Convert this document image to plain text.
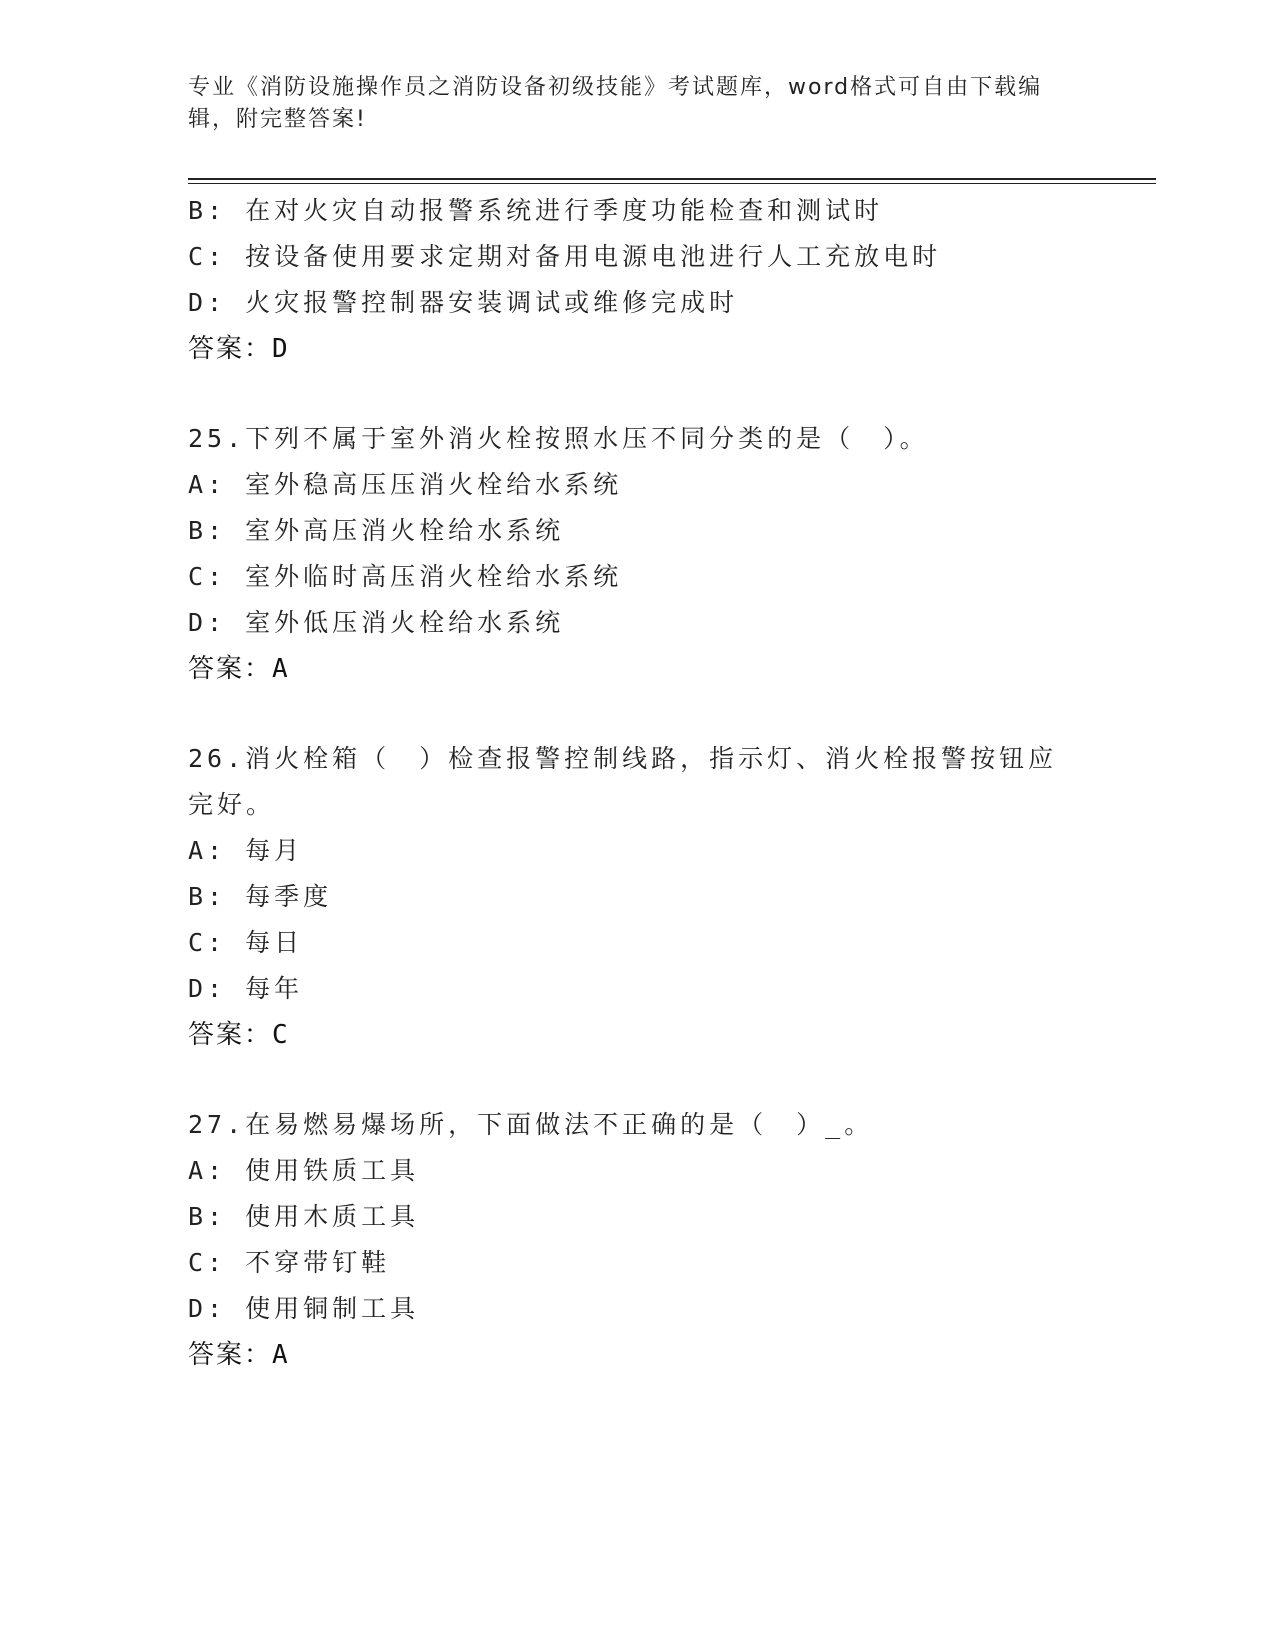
专业《消防设施操作员之消防设备初级技能》考试题库，word格式可自由下载编辑，附完整答案!
B: 在对火灾自动报警系统进行季度功能检查和测试时
C: 按设备使用要求定期对备用电源电池进行人工充放电时
D: 火灾报警控制器安装调试或维修完成时
答案：D
25.下列不属于室外消火栓按照水压不同分类的是（　）。
A: 室外稳高压压消火栓给水系统
B: 室外高压消火栓给水系统
C: 室外临时高压消火栓给水系统
D: 室外低压消火栓给水系统
答案：A
26.消火栓箱（　）检查报警控制线路，指示灯、消火栓报警按钮应完好。
A: 每月
B: 每季度
C: 每日
D: 每年
答案：C
27.在易燃易爆场所，下面做法不正确的是（　）_。
A: 使用铁质工具
B: 使用木质工具
C: 不穿带钉鞋
D: 使用铜制工具
答案：A
